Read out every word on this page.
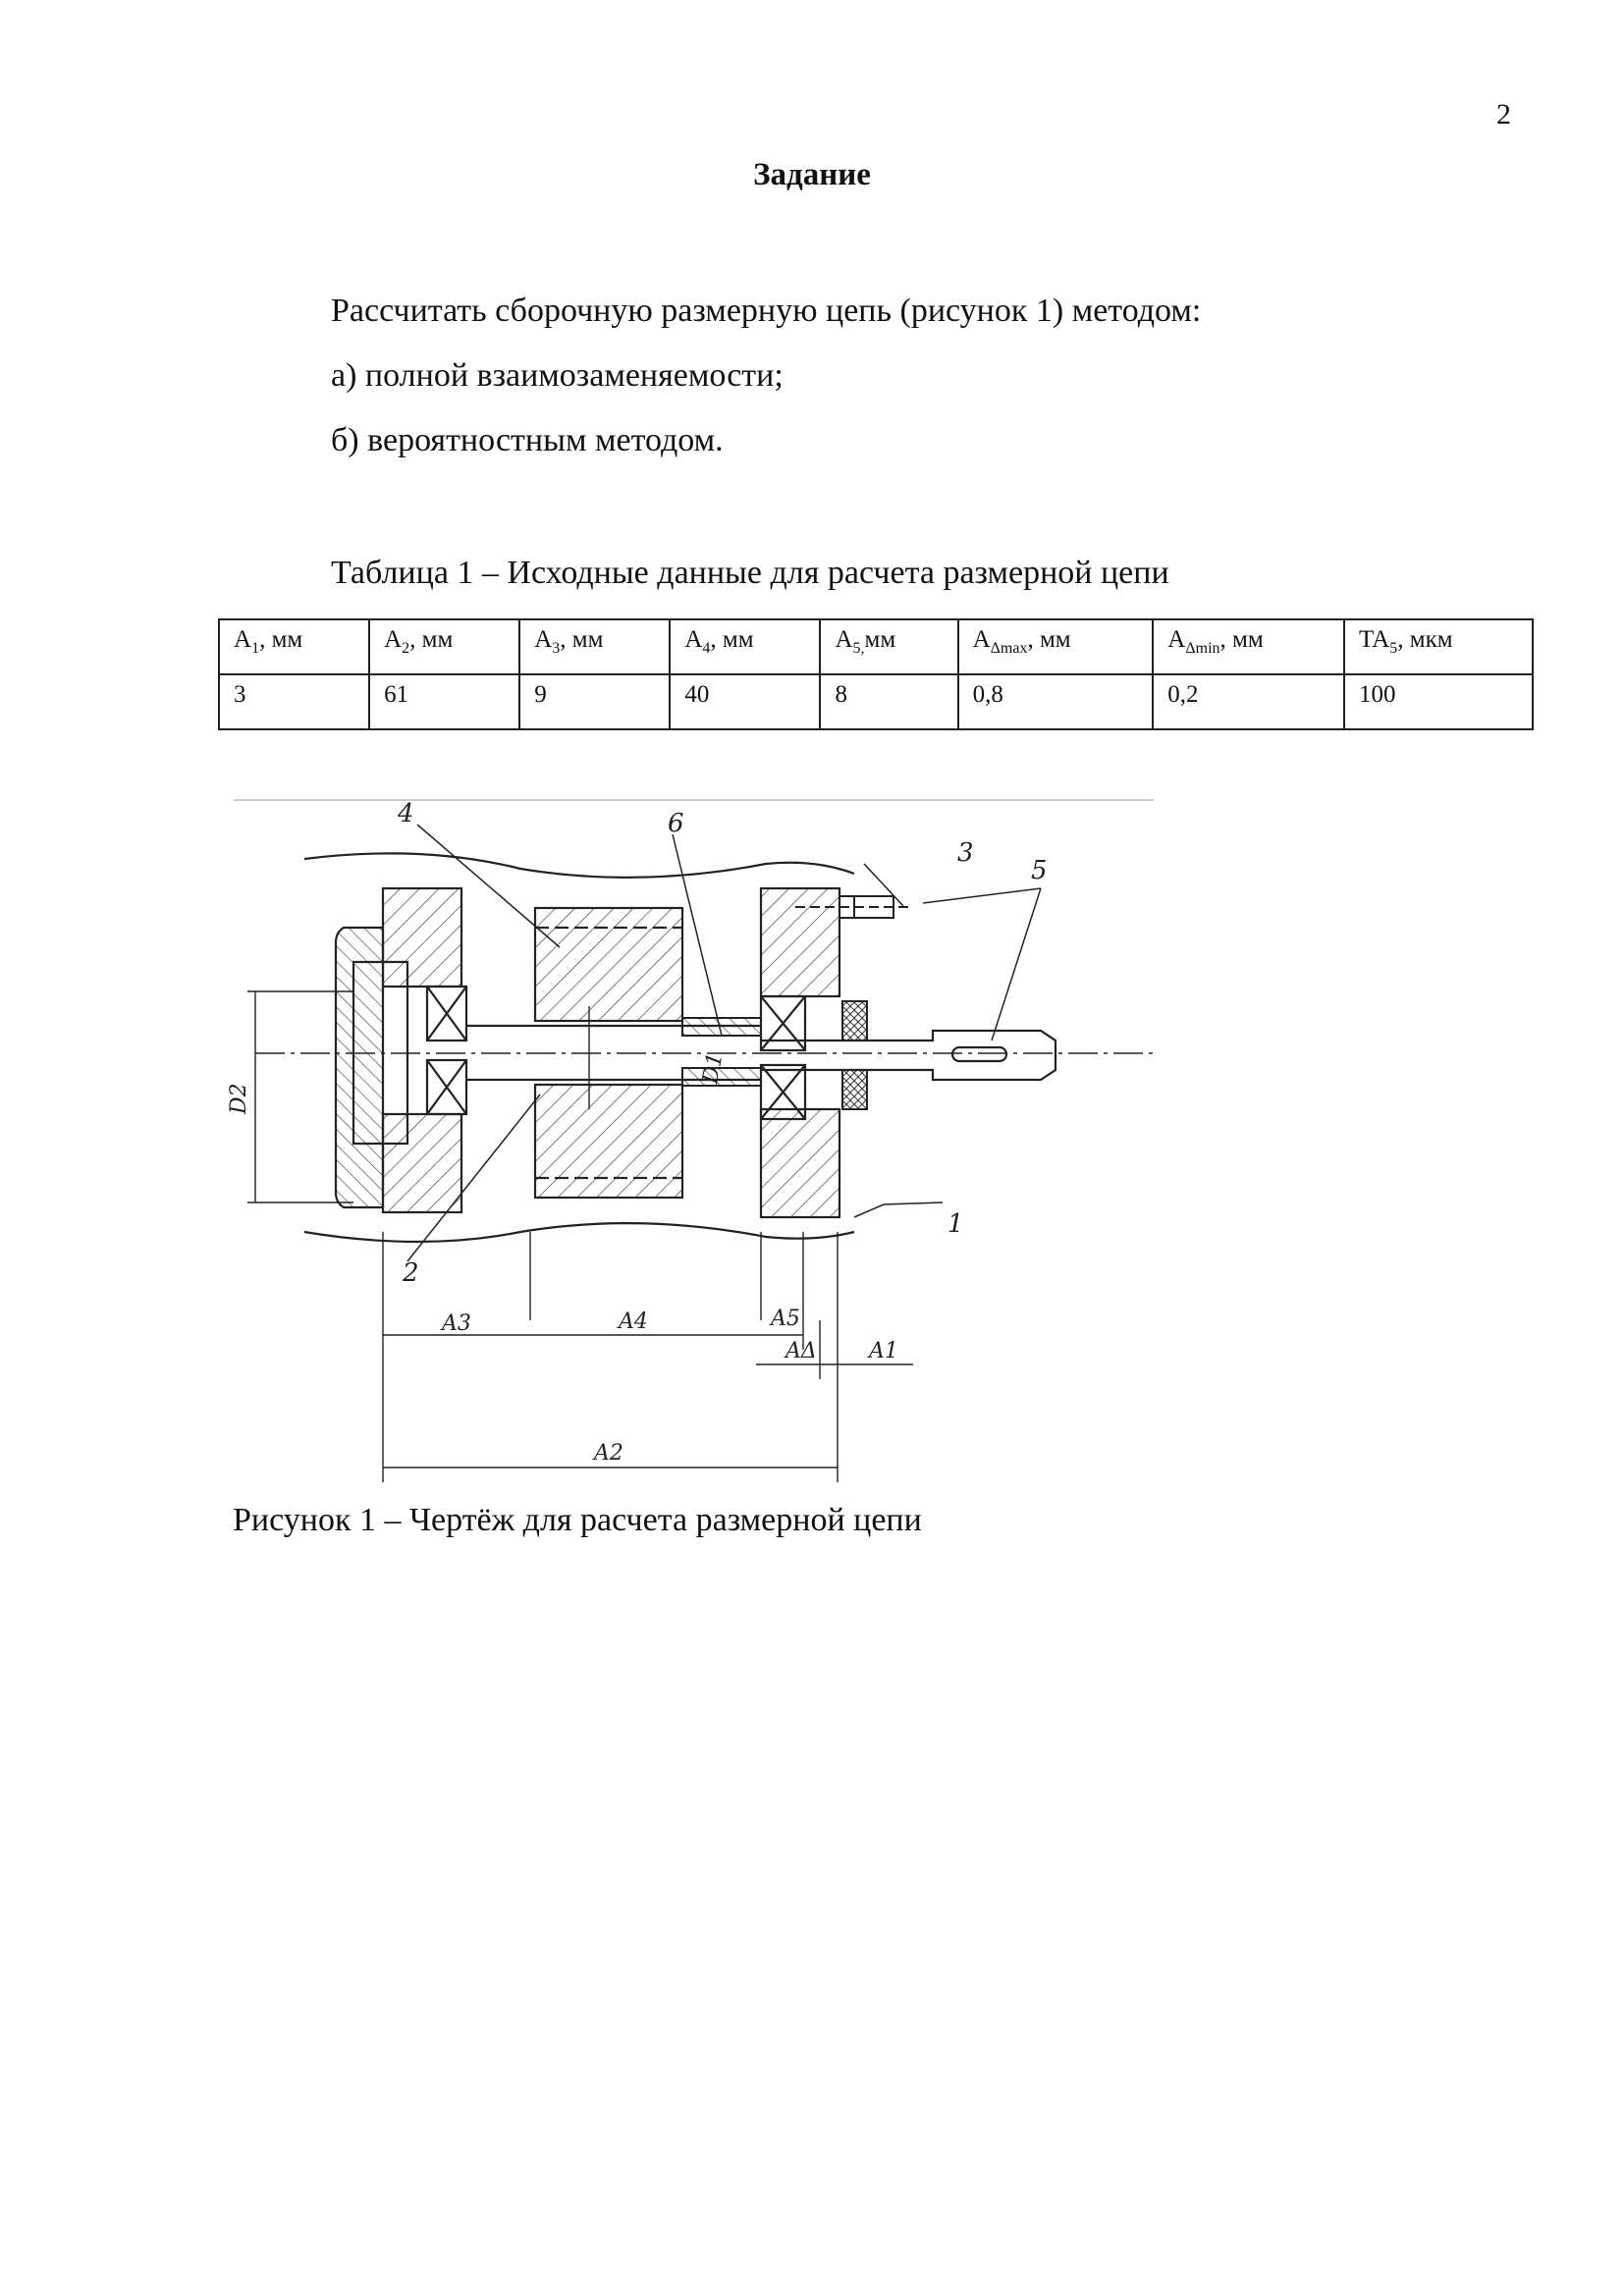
2
Задание
Рассчитать сборочную размерную цепь (рисунок 1) методом:
а) полной взаимозаменяемости;
б) вероятностным методом.
Таблица 1 – Исходные данные для расчета размерной цепи
$A_1$, мм	$A_2$, мм	$A_3$, мм	$A_4$, мм	$A_{5,}мм$	$A_{\Delta max}$, мм	$A_{\Delta min}$, мм	$TA_5$, мкм
3	61	9	40	8	0,8	0,2	100
4	6
3
5
2
1
A3	A4	A5
AΔ A1
A2
D2
D1
Рисунок 1 – Чертёж для расчета размерной цепи
